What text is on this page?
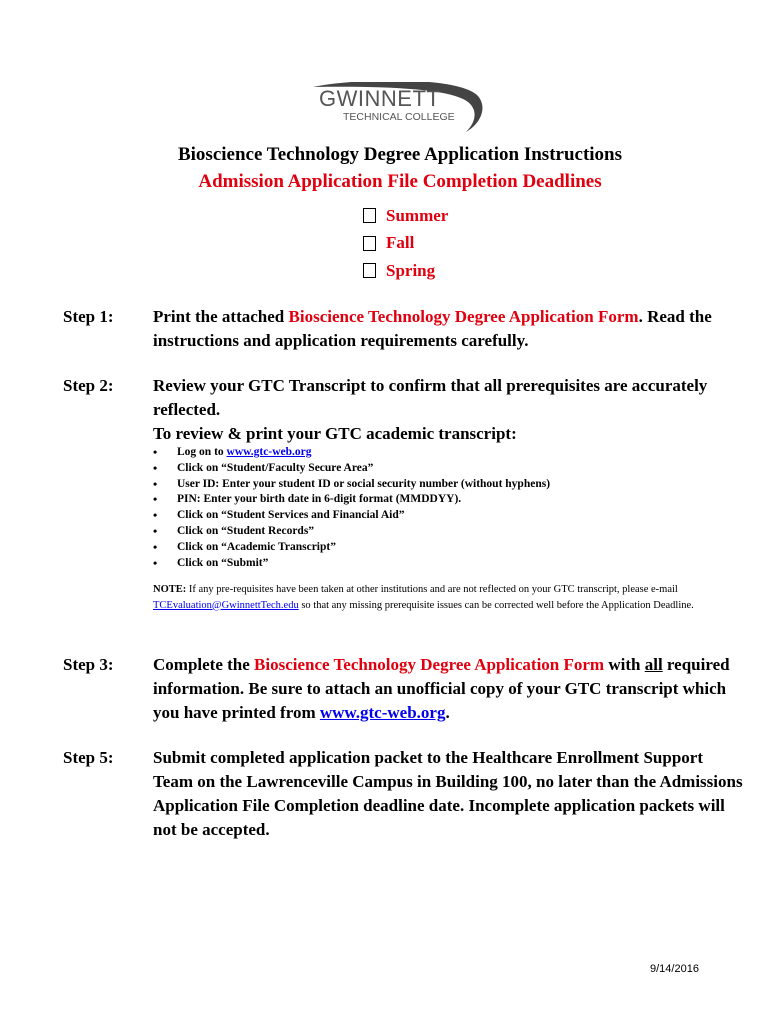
GWINNETT
TECHNICAL COLLEGE
Bioscience Technology Degree Application Instructions
Admission Application File Completion Deadlines
Summer
Fall
Spring
Step 1: Print the attached Bioscience Technology Degree Application Form. Read the instructions and application requirements carefully.
Step 2: Review your GTC Transcript to confirm that all prerequisites are accurately reflected.
To review & print your GTC academic transcript:
• Log on to www.gtc-web.org
• Click on “Student/Faculty Secure Area”
• User ID: Enter your student ID or social security number (without hyphens)
• PIN: Enter your birth date in 6-digit format (MMDDYY).
• Click on “Student Services and Financial Aid”
• Click on “Student Records”
• Click on “Academic Transcript”
• Click on “Submit”
NOTE: If any pre-requisites have been taken at other institutions and are not reflected on your GTC transcript, please e-mail TCEvaluation@GwinnettTech.edu so that any missing prerequisite issues can be corrected well before the Application Deadline.
Step 3: Complete the Bioscience Technology Degree Application Form with all required information. Be sure to attach an unofficial copy of your GTC transcript which you have printed from www.gtc-web.org.
Step 5: Submit completed application packet to the Healthcare Enrollment Support Team on the Lawrenceville Campus in Building 100, no later than the Admissions Application File Completion deadline date. Incomplete application packets will not be accepted.
9/14/2016
